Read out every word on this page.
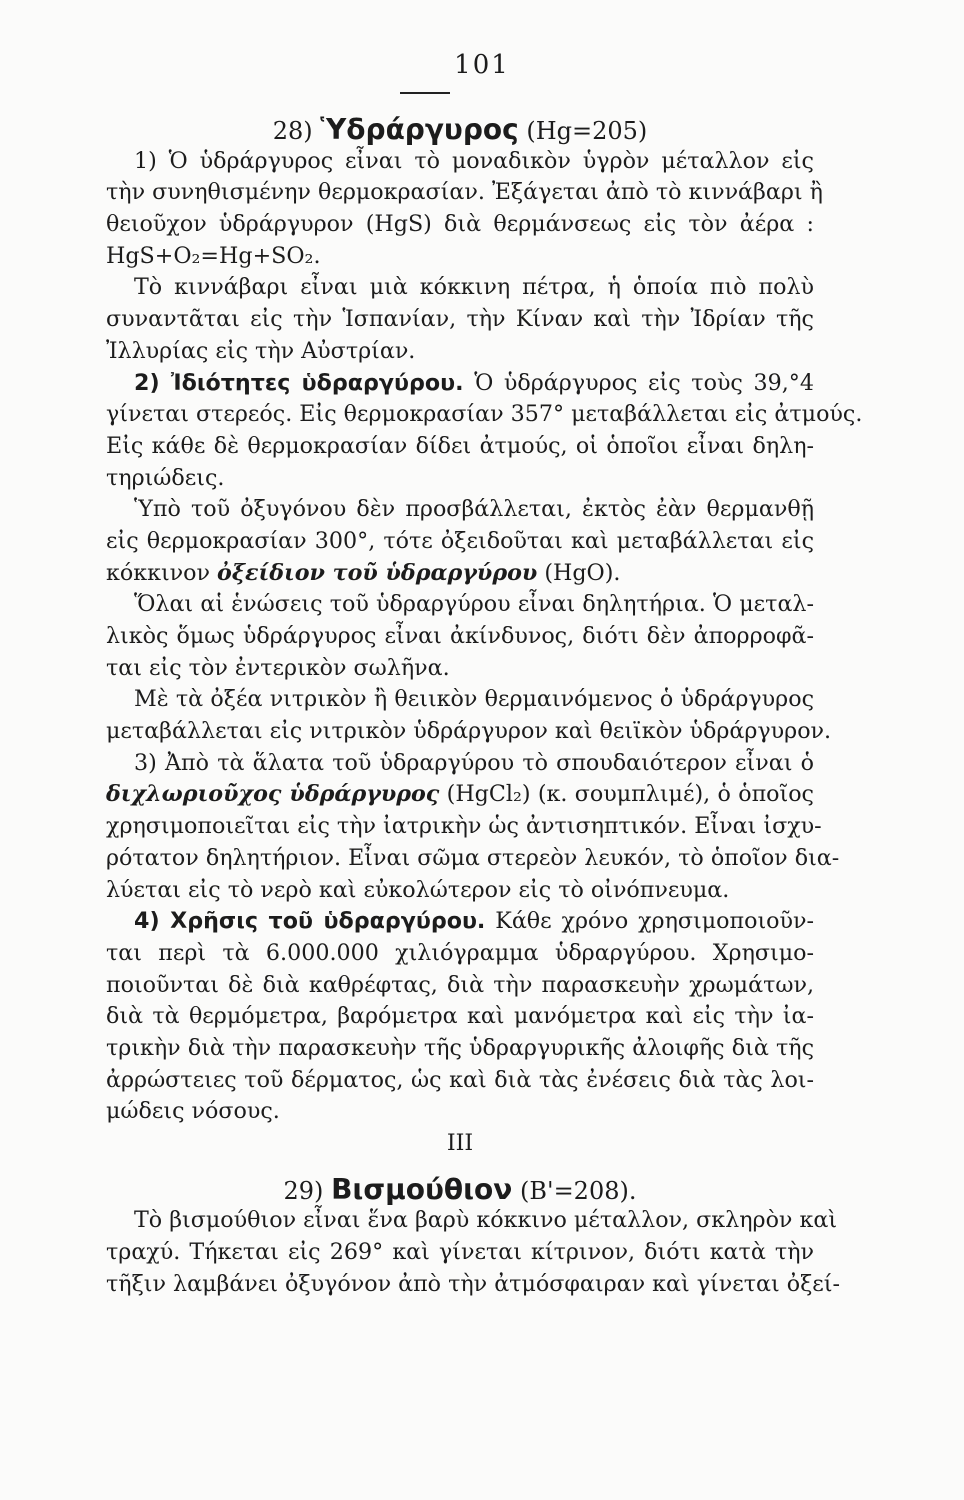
101
28) Ὑδράργυρος (Hg=205)
1) Ὁ ὑδράργυρος εἶναι τὸ μοναδικὸν ὑγρὸν μέταλλον εἰς
τὴν συνηθισμένην θερμοκρασίαν. Ἐξάγεται ἀπὸ τὸ κιννάβαρι ἢ
θειοῦχον ὑδράργυρον (HgS) διὰ θερμάνσεως εἰς τὸν ἀέρα :
HgS+O₂=Hg+SO₂.
Τὸ κιννάβαρι εἶναι μιὰ κόκκινη πέτρα, ἡ ὁποία πιὸ πολὺ
συναντᾶται εἰς τὴν Ἱσπανίαν, τὴν Κίναν καὶ τὴν Ἰδρίαν τῆς
Ἰλλυρίας εἰς τὴν Αὐστρίαν.
2) Ἰδιότητες ὑδραργύρου. Ὁ ὑδράργυρος εἰς τοὺς 39,°4
γίνεται στερεός. Εἰς θερμοκρασίαν 357° μεταβάλλεται εἰς ἀτμούς.
Εἰς κάθε δὲ θερμοκρασίαν δίδει ἀτμούς, οἱ ὁποῖοι εἶναι δηλη-
τηριώδεις.
Ὑπὸ τοῦ ὀξυγόνου δὲν προσβάλλεται, ἐκτὸς ἐὰν θερμανθῇ
εἰς θερμοκρασίαν 300°, τότε ὀξειδοῦται καὶ μεταβάλλεται εἰς
κόκκινον ὀξείδιον τοῦ ὑδραργύρου (HgO).
Ὅλαι αἱ ἑνώσεις τοῦ ὑδραργύρου εἶναι δηλητήρια. Ὁ μεταλ-
λικὸς ὅμως ὑδράργυρος εἶναι ἀκίνδυνος, διότι δὲν ἀπορροφᾶ-
ται εἰς τὸν ἐντερικὸν σωλῆνα.
Μὲ τὰ ὀξέα νιτρικὸν ἢ θειικὸν θερμαινόμενος ὁ ὑδράργυρος
μεταβάλλεται εἰς νιτρικὸν ὑδράργυρον καὶ θειϊκὸν ὑδράργυρον.
3) Ἀπὸ τὰ ἅλατα τοῦ ὑδραργύρου τὸ σπουδαιότερον εἶναι ὁ
διχλωριοῦχος ὑδράργυρος (HgCl₂) (κ. σουμπλιμέ), ὁ ὁποῖος
χρησιμοποιεῖται εἰς τὴν ἰατρικὴν ὡς ἀντισηπτικόν. Εἶναι ἰσχυ-
ρότατον δηλητήριον. Εἶναι σῶμα στερεὸν λευκόν, τὸ ὁποῖον δια-
λύεται εἰς τὸ νερὸ καὶ εὐκολώτερον εἰς τὸ οἰνόπνευμα.
4) Χρῆσις τοῦ ὑδραργύρου. Κάθε χρόνο χρησιμοποιοῦν-
ται περὶ τὰ 6.000.000 χιλιόγραμμα ὑδραργύρου. Χρησιμο-
ποιοῦνται δὲ διὰ καθρέφτας, διὰ τὴν παρασκευὴν χρωμάτων,
διὰ τὰ θερμόμετρα, βαρόμετρα καὶ μανόμετρα καὶ εἰς τὴν ἰα-
τρικὴν διὰ τὴν παρασκευὴν τῆς ὑδραργυρικῆς ἀλοιφῆς διὰ τῆς
ἀρρώστειες τοῦ δέρματος, ὡς καὶ διὰ τὰς ἐνέσεις διὰ τὰς λοι-
μώδεις νόσους.
III
29) Βισμούθιον (B'=208).
Τὸ βισμούθιον εἶναι ἕνα βαρὺ κόκκινο μέταλλον, σκληρὸν καὶ
τραχύ. Τήκεται εἰς 269° καὶ γίνεται κίτρινον, διότι κατὰ τὴν
τῆξιν λαμβάνει ὀξυγόνον ἀπὸ τὴν ἀτμόσφαιραν καὶ γίνεται ὀξεί-
